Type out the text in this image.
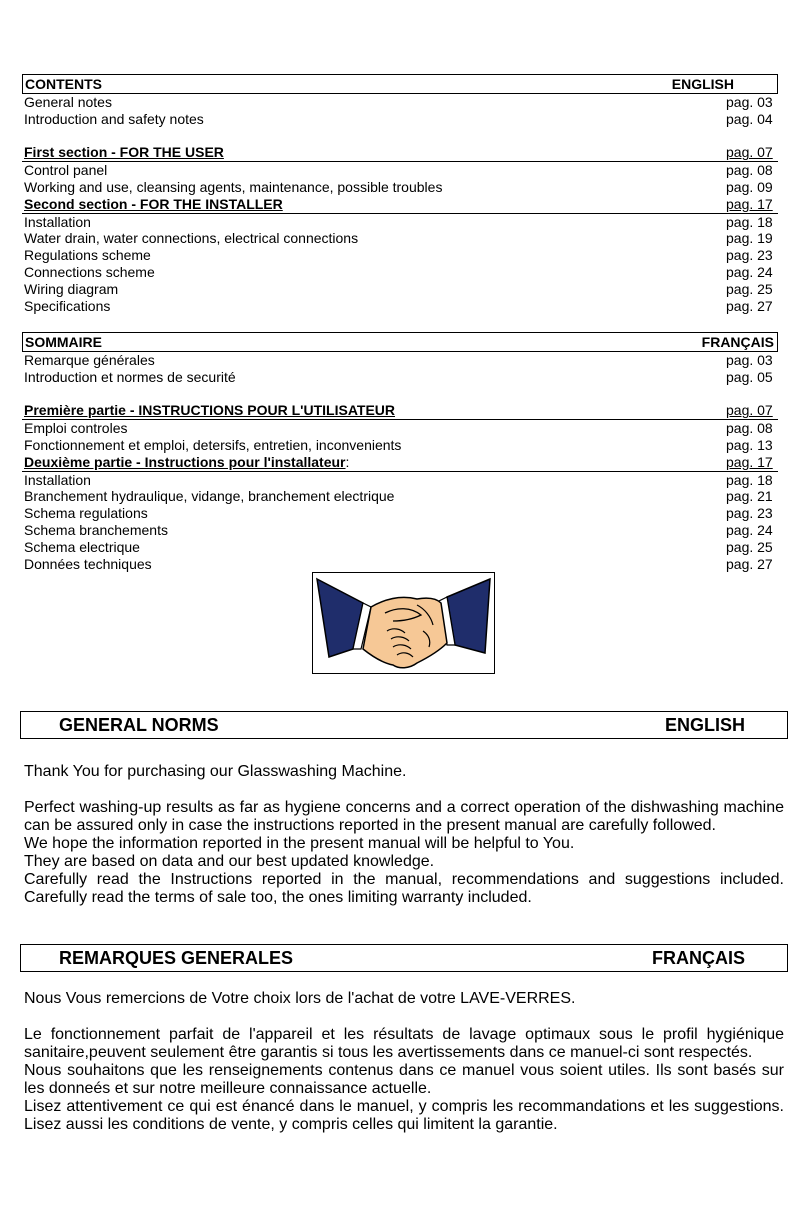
CONTENTS	ENGLISH
General notes	pag. 03
Introduction and safety notes	pag. 04
First section - FOR THE USER	pag. 07
Control panel	pag. 08
Working and use, cleansing agents, maintenance, possible troubles	pag. 09
Second section - FOR THE INSTALLER	pag. 17
Installation	pag. 18
Water drain, water connections, electrical connections	pag. 19
Regulations scheme	pag. 23
Connections scheme	pag. 24
Wiring diagram	pag. 25
Specifications	pag. 27
SOMMAIRE	FRANÇAIS
Remarque générales	pag. 03
Introduction et normes de securité	pag. 05
Première partie - INSTRUCTIONS POUR L'UTILISATEUR	pag. 07
Emploi controles	pag. 08
Fonctionnement et emploi, detersifs, entretien, inconvenients	pag. 13
Deuxième partie - Instructions pour l'installateur:	pag. 17
Installation	pag. 18
Branchement hydraulique, vidange, branchement electrique	pag. 21
Schema regulations	pag. 23
Schema branchements	pag. 24
Schema electrique	pag. 25
Données techniques	pag. 27
GENERAL NORMS	ENGLISH

Thank You for purchasing our Glasswashing Machine.

Perfect washing-up results as far as hygiene concerns and a correct operation of the dishwashing machine can be assured only in case the instructions reported in the present manual are carefully followed.

We hope the information reported in the present manual will be helpful to You.

They are based on data and our best updated knowledge.

Carefully read the Instructions reported in the manual, recommendations and suggestions included. Carefully read the terms of sale too, the ones limiting warranty included.

REMARQUES GENERALES	FRANÇAIS

Nous Vous remercions de Votre choix lors de l'achat de votre LAVE-VERRES.

Le fonctionnement parfait de l'appareil et les résultats de lavage optimaux sous le profil hygiénique sanitaire,peuvent seulement être garantis si tous les avertissements dans ce manuel-ci sont respectés.

Nous souhaitons que les renseignements contenus dans ce manuel vous soient utiles. Ils sont basés sur les donneés et sur notre meilleure connaissance actuelle.

Lisez attentivement ce qui est énancé dans le manuel, y compris les recommandations et les suggestions. Lisez aussi les conditions de vente, y compris celles qui limitent la garantie.
